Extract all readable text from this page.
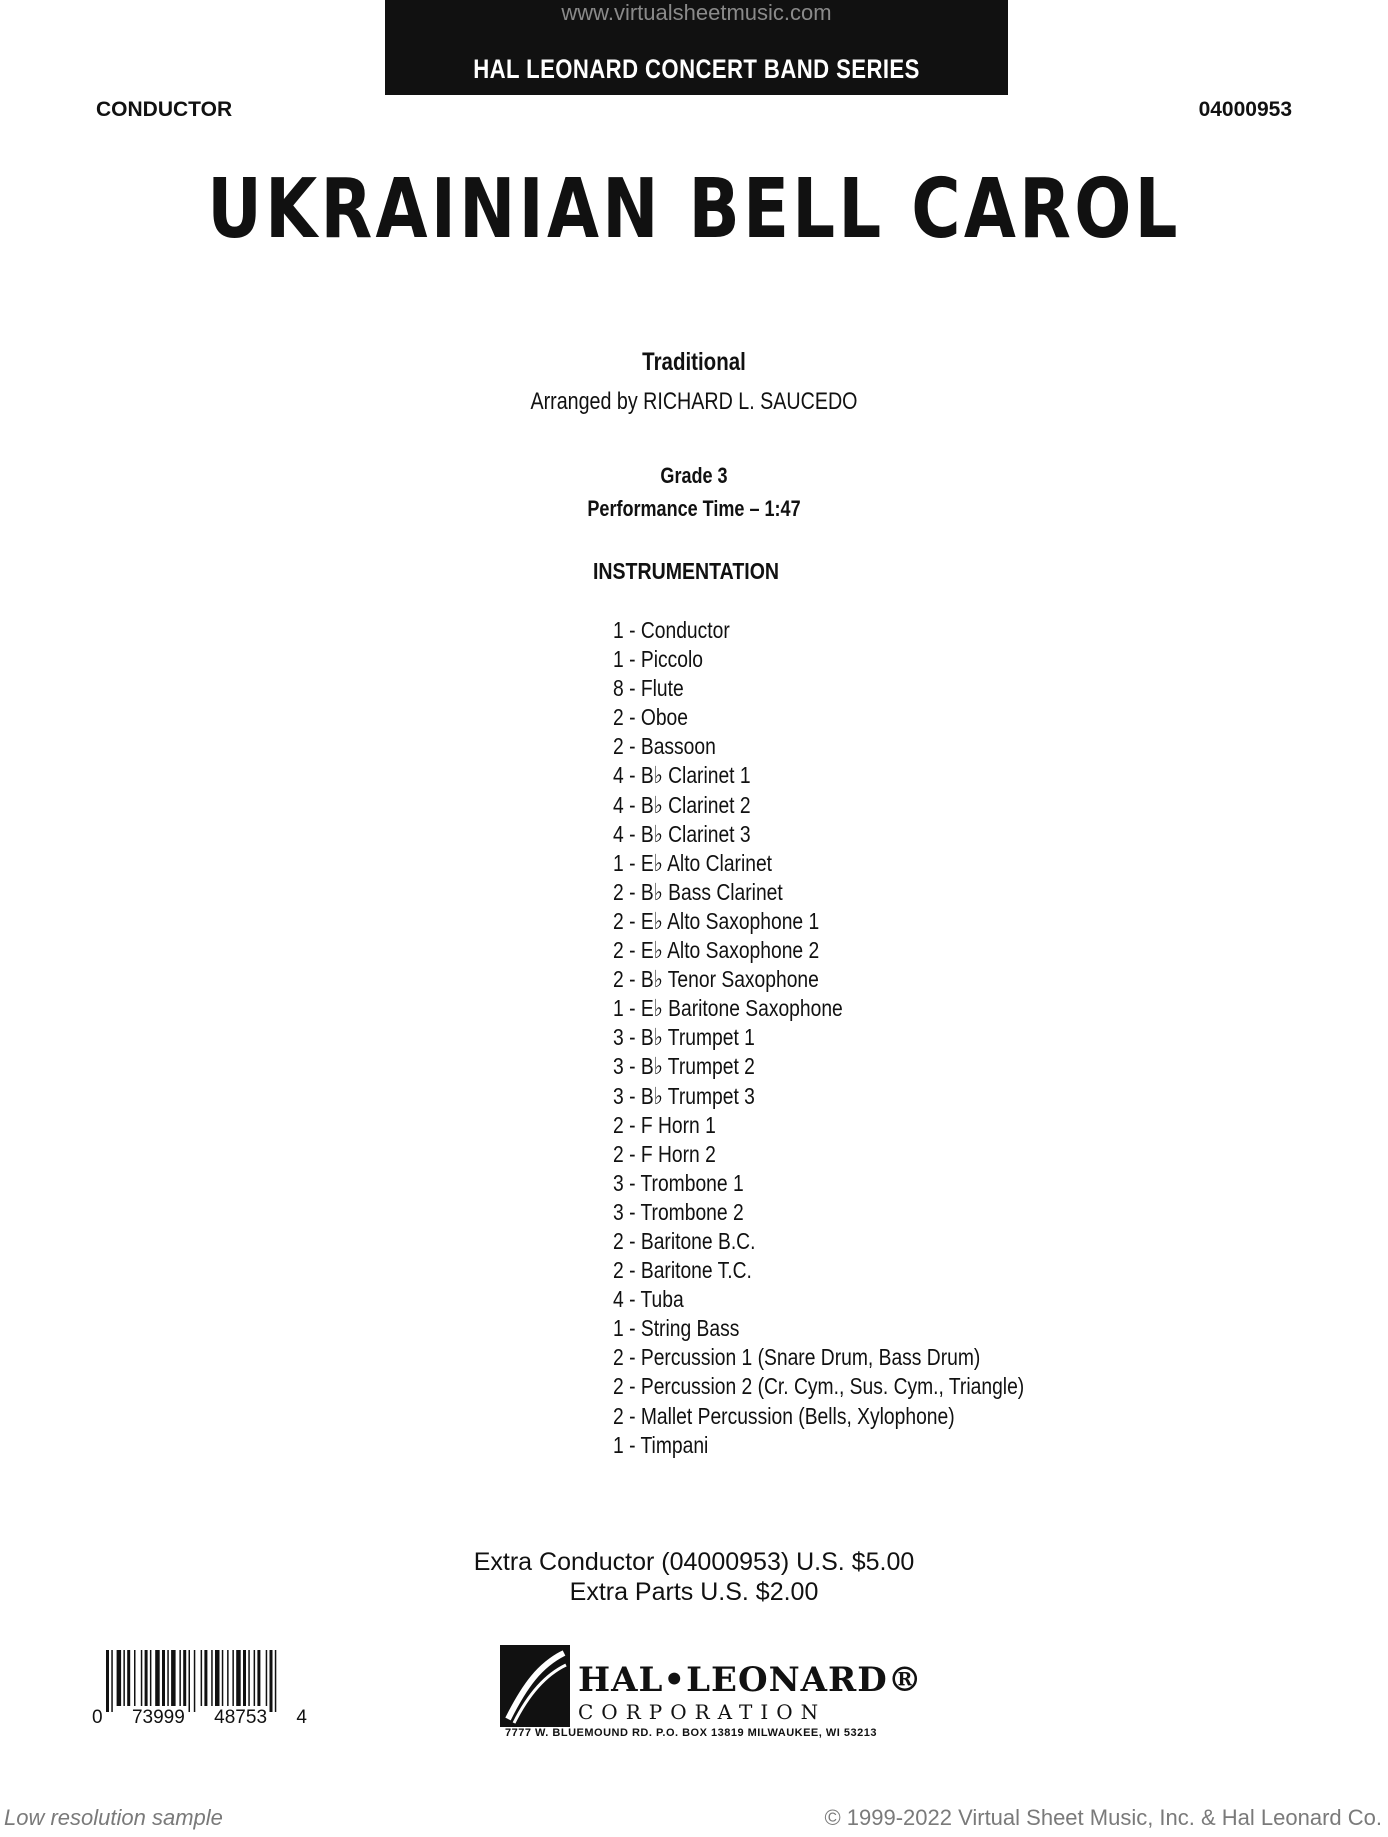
www.virtualsheetmusic.com
HAL LEONARD CONCERT BAND SERIES
CONDUCTOR	04000953
UKRAINIAN BELL CAROL
Traditional
Arranged by RICHARD L. SAUCEDO
Grade 3
Performance Time – 1:47
INSTRUMENTATION
1 - Conductor
1 - Piccolo
8 - Flute
2 - Oboe
2 - Bassoon
4 - B♭ Clarinet 1
4 - B♭ Clarinet 2
4 - B♭ Clarinet 3
1 - E♭ Alto Clarinet
2 - B♭ Bass Clarinet
2 - E♭ Alto Saxophone 1
2 - E♭ Alto Saxophone 2
2 - B♭ Tenor Saxophone
1 - E♭ Baritone Saxophone
3 - B♭ Trumpet 1
3 - B♭ Trumpet 2
3 - B♭ Trumpet 3
2 - F Horn 1
2 - F Horn 2
3 - Trombone 1
3 - Trombone 2
2 - Baritone B.C.
2 - Baritone T.C.
4 - Tuba
1 - String Bass
2 - Percussion 1 (Snare Drum, Bass Drum)
2 - Percussion 2 (Cr. Cym., Sus. Cym., Triangle)
2 - Mallet Percussion (Bells, Xylophone)
1 - Timpani
Extra Conductor (04000953) U.S. $5.00
Extra Parts U.S. $2.00
0 73999 48753 4
HAL•LEONARD®
CORPORATION
7777 W. BLUEMOUND RD. P.O. BOX 13819 MILWAUKEE, WI 53213
Low resolution sample	© 1999-2022 Virtual Sheet Music, Inc. & Hal Leonard Co.
